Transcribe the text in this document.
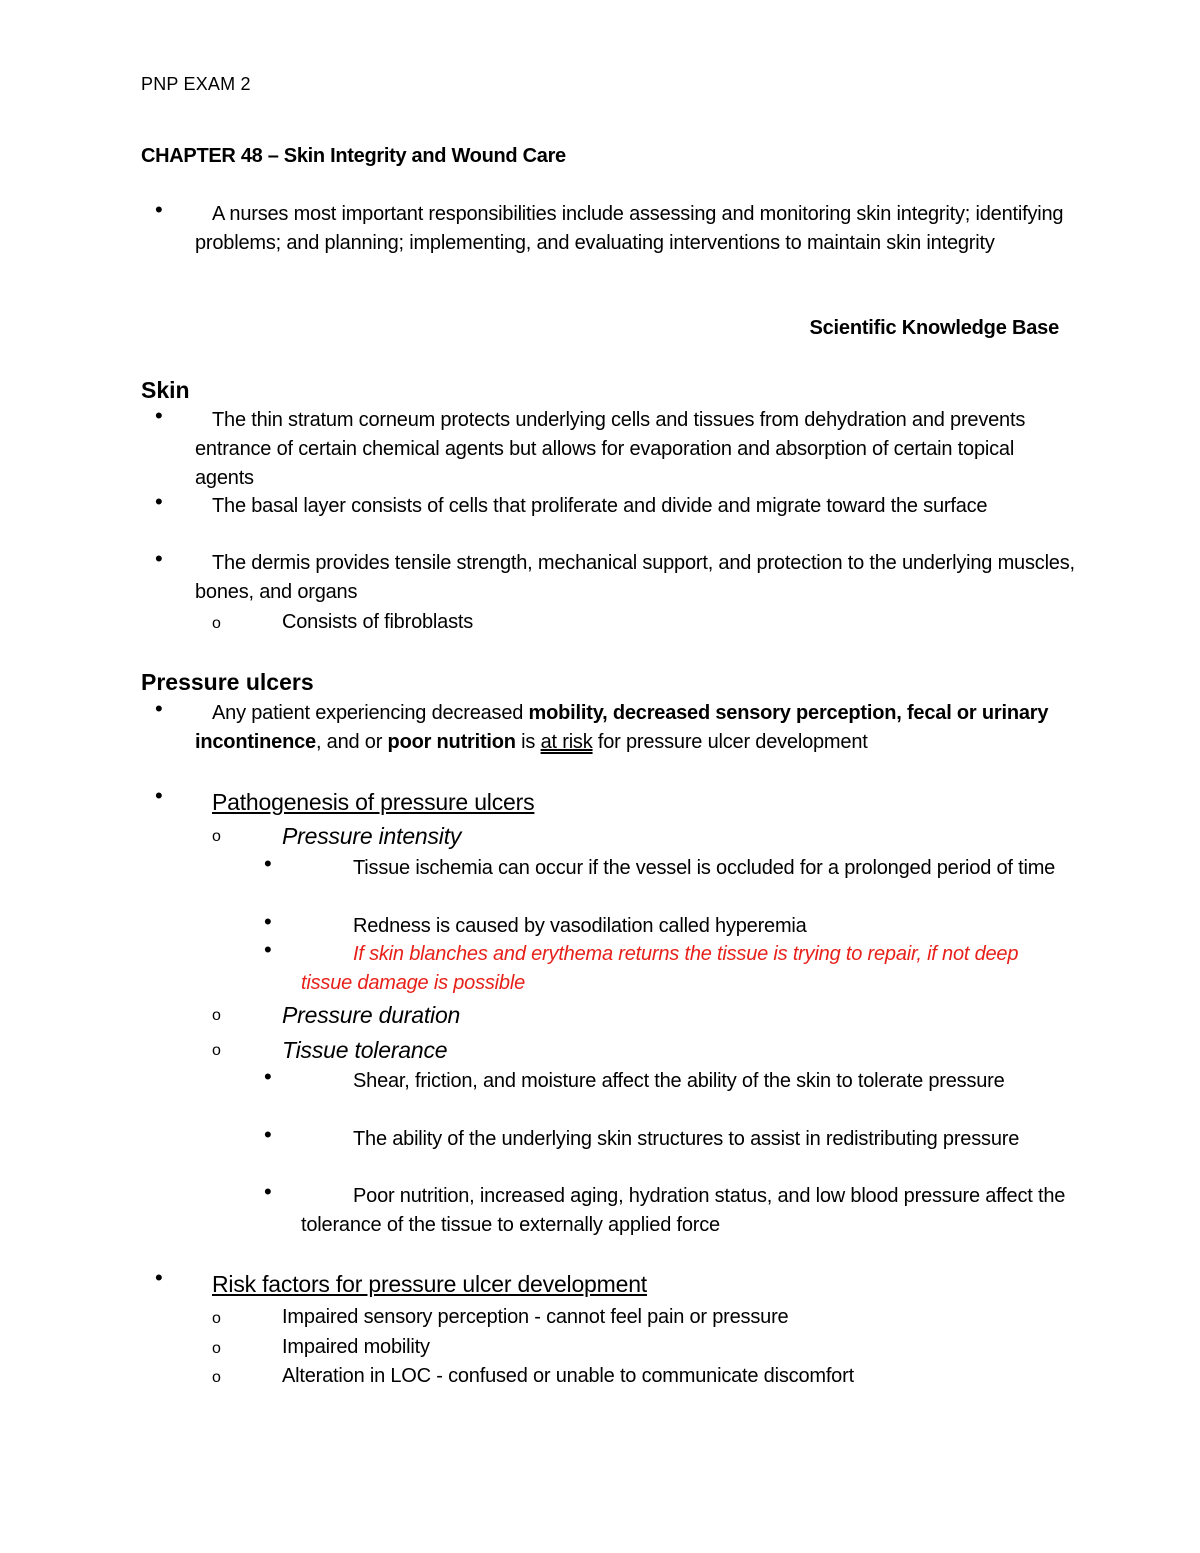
PNP EXAM 2
CHAPTER 48 – Skin Integrity and Wound Care
•	A nurses most important responsibilities include assessing and monitoring skin integrity; identifying problems; and planning; implementing, and evaluating interventions to maintain skin integrity
Scientific Knowledge Base
Skin
•	The thin stratum corneum protects underlying cells and tissues from dehydration and prevents entrance of certain chemical agents but allows for evaporation and absorption of certain topical agents
•	The basal layer consists of cells that proliferate and divide and migrate toward the surface
•	The dermis provides tensile strength, mechanical support, and protection to the underlying muscles, bones, and organs
o	Consists of fibroblasts
Pressure ulcers
•	Any patient experiencing decreased mobility, decreased sensory perception, fecal or urinary incontinence, and or poor nutrition is at risk for pressure ulcer development
•	Pathogenesis of pressure ulcers
o	Pressure intensity
•	Tissue ischemia can occur if the vessel is occluded for a prolonged period of time
•	Redness is caused by vasodilation called hyperemia
•	If skin blanches and erythema returns the tissue is trying to repair, if not deep tissue damage is possible
o	Pressure duration
o	Tissue tolerance
•	Shear, friction, and moisture affect the ability of the skin to tolerate pressure
•	The ability of the underlying skin structures to assist in redistributing pressure
•	Poor nutrition, increased aging, hydration status, and low blood pressure affect the tolerance of the tissue to externally applied force
•	Risk factors for pressure ulcer development
o	Impaired sensory perception - cannot feel pain or pressure
o	Impaired mobility
o	Alteration in LOC - confused or unable to communicate discomfort
